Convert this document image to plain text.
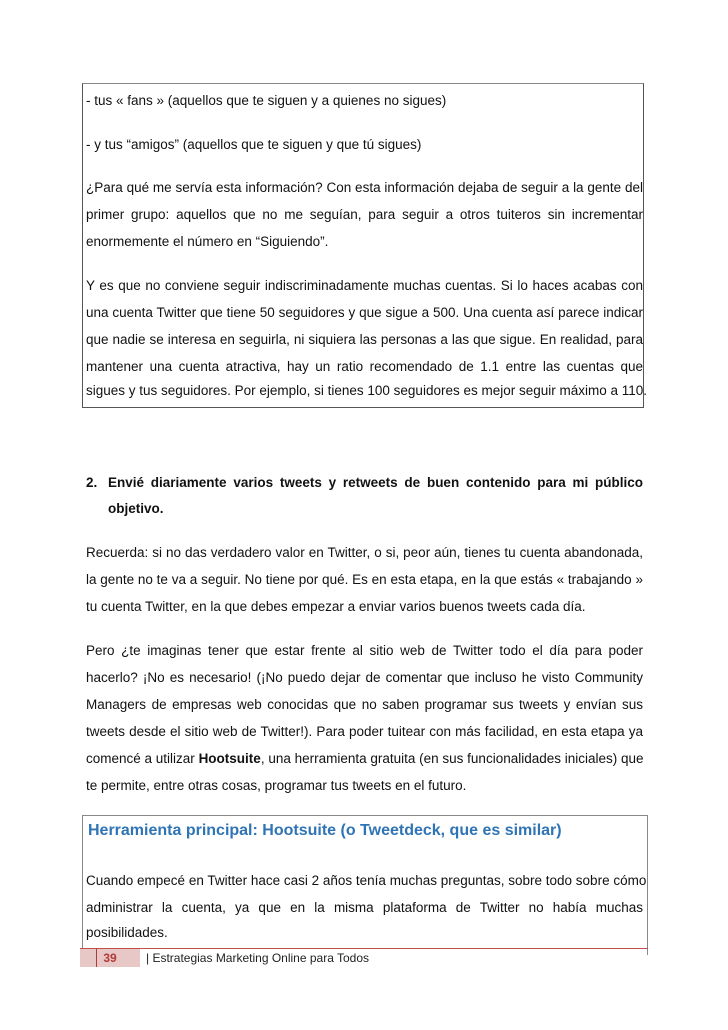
- tus « fans » (aquellos que te siguen y a quienes no sigues)
- y tus “amigos” (aquellos que te siguen y que tú sigues)
¿Para qué me servía esta información? Con esta información dejaba de seguir a la gente del
primer grupo: aquellos que no me seguían, para seguir a otros tuiteros sin incrementar
enormemente el número en “Siguiendo”.
Y es que no conviene seguir indiscriminadamente muchas cuentas. Si lo haces acabas con
una cuenta Twitter que tiene 50 seguidores y que sigue a 500. Una cuenta así parece indicar
que nadie se interesa en seguirla, ni siquiera las personas a las que sigue. En realidad, para
mantener una cuenta atractiva, hay un ratio recomendado de 1.1 entre las cuentas que
sigues y tus seguidores. Por ejemplo, si tienes 100 seguidores es mejor seguir máximo a 110.
2. Envié diariamente varios tweets y retweets de buen contenido para mi público
objetivo.
Recuerda: si no das verdadero valor en Twitter, o si, peor aún, tienes tu cuenta abandonada,
la gente no te va a seguir. No tiene por qué. Es en esta etapa, en la que estás « trabajando »
tu cuenta Twitter, en la que debes empezar a enviar varios buenos tweets cada día.
Pero ¿te imaginas tener que estar frente al sitio web de Twitter todo el día para poder
hacerlo? ¡No es necesario! (¡No puedo dejar de comentar que incluso he visto Community
Managers de empresas web conocidas que no saben programar sus tweets y envían sus
tweets desde el sitio web de Twitter!). Para poder tuitear con más facilidad, en esta etapa ya
comencé a utilizar Hootsuite, una herramienta gratuita (en sus funcionalidades iniciales) que
te permite, entre otras cosas, programar tus tweets en el futuro.
Herramienta principal: Hootsuite (o Tweetdeck, que es similar)
Cuando empecé en Twitter hace casi 2 años tenía muchas preguntas, sobre todo sobre cómo
administrar la cuenta, ya que en la misma plataforma de Twitter no había muchas
posibilidades.
39	| Estrategias Marketing Online para Todos
